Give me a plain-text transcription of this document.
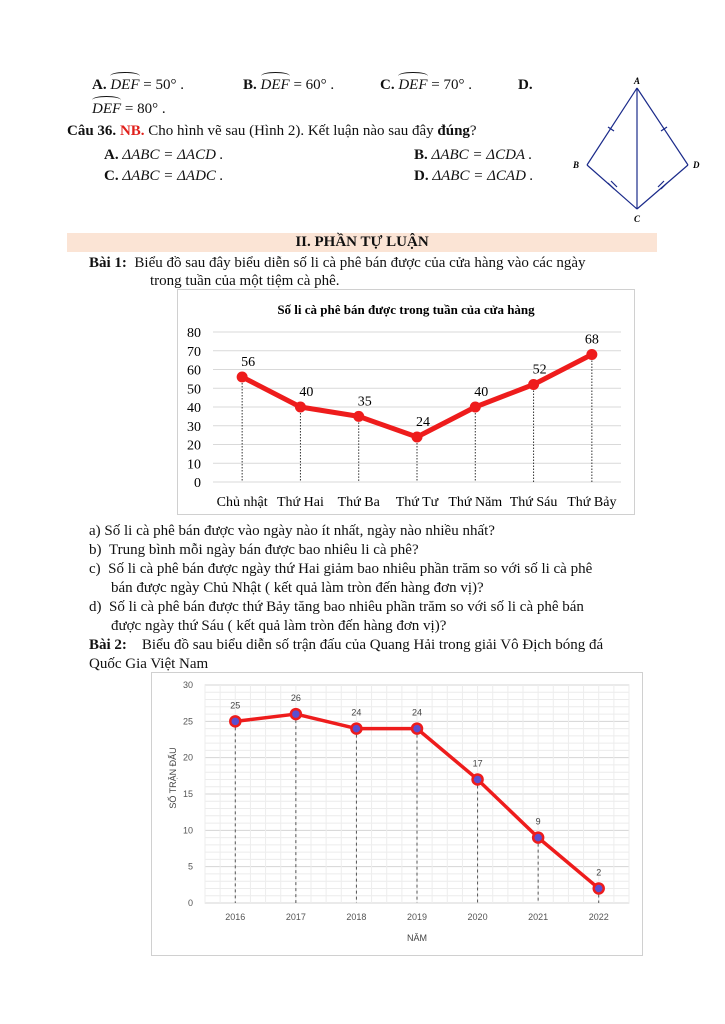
A. DEF = 50° .	B. DEF = 60° .	C. DEF = 70° .	D.
DEF = 80° .
Câu 36. NB. Cho hình vẽ sau (Hình 2). Kết luận nào sau đây đúng?
A. ΔABC = ΔACD .	B. ΔABC = ΔCDA .
C. ΔABC = ΔADC .	D. ΔABC = ΔCAD .
A
B
C
D
II. PHẦN TỰ LUẬN
Bài 1: Biểu đồ sau đây biểu diễn số li cà phê bán được của cửa hàng vào các ngày
trong tuần của một tiệm cà phê.
Số li cà phê bán được trong tuần của cửa hàng
0
10
20
30
40
50
60
70
80
56
40
35
24
40
52
68
Chủ nhật Thứ Hai Thứ Ba Thứ Tư Thứ Năm Thứ Sáu Thứ Bảy
a) Số li cà phê bán được vào ngày nào ít nhất, ngày nào nhiều nhất?
b) Trung bình mỗi ngày bán được bao nhiêu li cà phê?
c) Số li cà phê bán được ngày thứ Hai giảm bao nhiêu phần trăm so với số li cà phê
bán được ngày Chủ Nhật ( kết quả làm tròn đến hàng đơn vị)?
d) Số li cà phê bán được thứ Bảy tăng bao nhiêu phần trăm so với số li cà phê bán
được ngày thứ Sáu ( kết quả làm tròn đến hàng đơn vị)?
Bài 2: Biểu đồ sau biểu diễn số trận đấu của Quang Hải trong giải Vô Địch bóng đá
Quốc Gia Việt Nam
0
5
10
15
20
25
30
25
26
24	24
17
9
2
2016	2017	2018	2019	2020	2021	2022
NĂM
SỐ TRẬN ĐẤU
